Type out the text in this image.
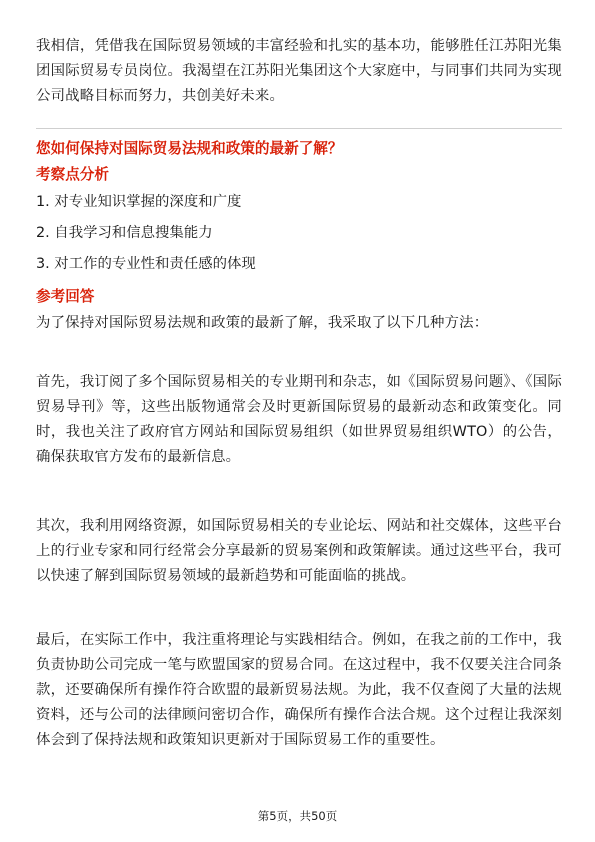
我相信，凭借我在国际贸易领域的丰富经验和扎实的基本功，能够胜任江苏阳光集团国际贸易专员岗位。我渴望在江苏阳光集团这个大家庭中，与同事们共同为实现公司战略目标而努力，共创美好未来。

您如何保持对国际贸易法规和政策的最新了解？

考察点分析

1. 对专业知识掌握的深度和广度
2. 自我学习和信息搜集能力
3. 对工作的专业性和责任感的体现

参考回答

为了保持对国际贸易法规和政策的最新了解，我采取了以下几种方法：

首先，我订阅了多个国际贸易相关的专业期刊和杂志，如《国际贸易问题》、《国际贸易导刊》等，这些出版物通常会及时更新国际贸易的最新动态和政策变化。同时，我也关注了政府官方网站和国际贸易组织（如世界贸易组织WTO）的公告，确保获取官方发布的最新信息。

其次，我利用网络资源，如国际贸易相关的专业论坛、网站和社交媒体，这些平台上的行业专家和同行经常会分享最新的贸易案例和政策解读。通过这些平台，我可以快速了解到国际贸易领域的最新趋势和可能面临的挑战。

最后，在实际工作中，我注重将理论与实践相结合。例如，在我之前的工作中，我负责协助公司完成一笔与欧盟国家的贸易合同。在这过程中，我不仅要关注合同条款，还要确保所有操作符合欧盟的最新贸易法规。为此，我不仅查阅了大量的法规资料，还与公司的法律顾问密切合作，确保所有操作合法合规。这个过程让我深刻体会到了保持法规和政策知识更新对于国际贸易工作的重要性。

第5页，共50页
